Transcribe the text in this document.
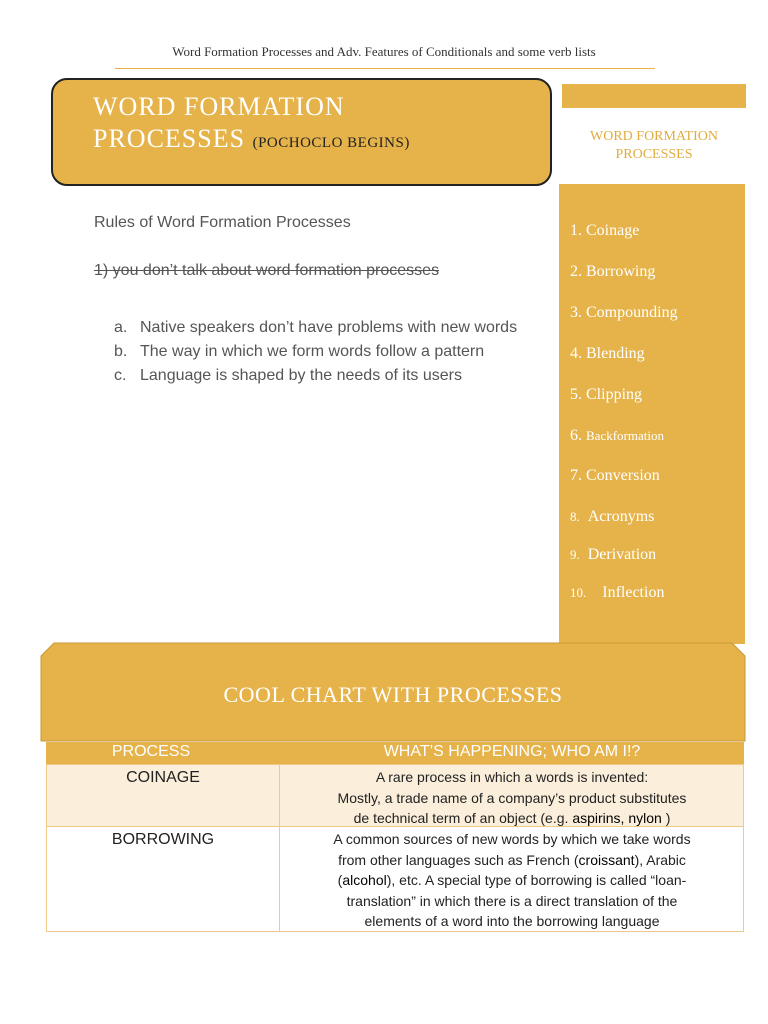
Word Formation Processes and Adv. Features of Conditionals and some verb lists
WORD FORMATION
PROCESSES (POCHOCLO BEGINS)	WORD FORMATION
PROCESSES
1. Coinage
2. Borrowing
3. Compounding
4. Blending
5. Clipping
6. Backformation
7. Conversion
8. Acronyms
9. Derivation
10. Inflection
Rules of Word Formation Processes
1) you don’t talk about word formation processes
a. Native speakers don’t have problems with new words
b. The way in which we form words follow a pattern
c. Language is shaped by the needs of its users
COOL CHART WITH PROCESSES
PROCESS	WHAT’S HAPPENING; WHO AM I!?
COINAGE	A rare process in which a words is invented:
Mostly, a trade name of a company’s product substitutes
de technical term of an object (e.g. aspirins, nylon )
BORROWING	A common sources of new words by which we take words
from other languages such as French (croissant), Arabic
(alcohol), etc. A special type of borrowing is called “loan-
translation” in which there is a direct translation of the
elements of a word into the borrowing language
